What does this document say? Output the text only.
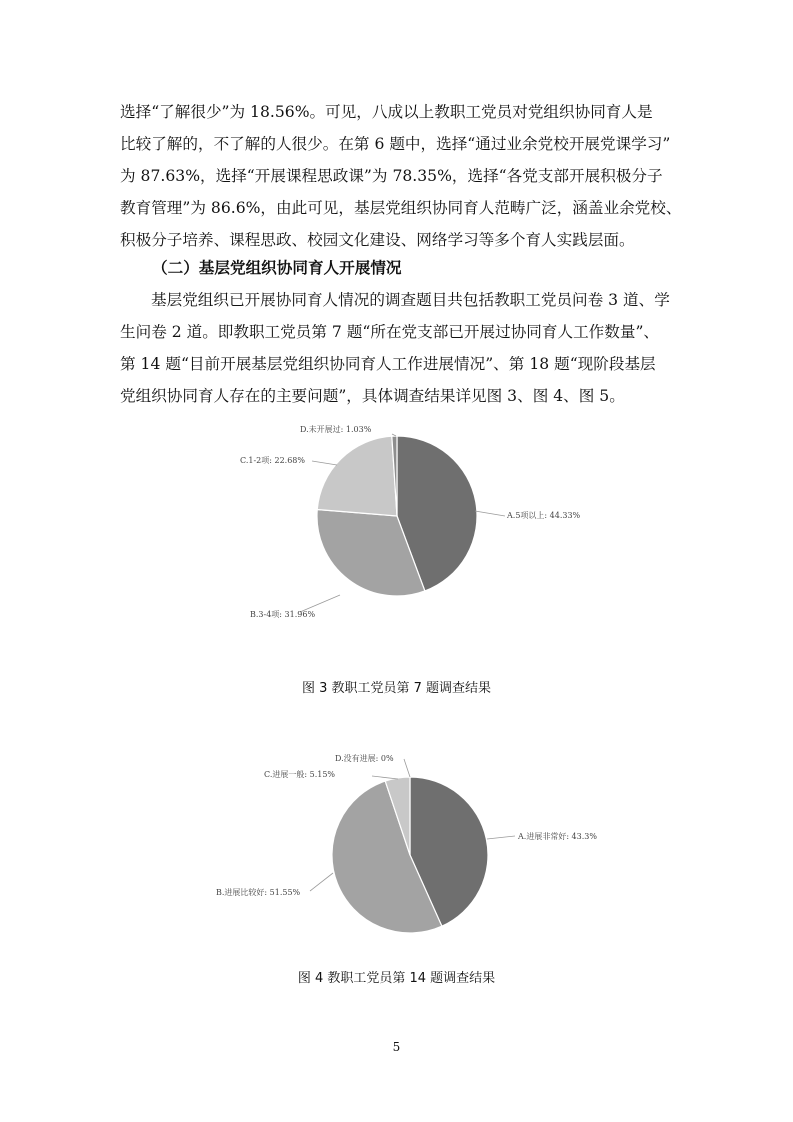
选择“了解很少”为 18.56%。可见，八成以上教职工党员对党组织协同育人是
比较了解的，不了解的人很少。在第 6 题中，选择“通过业余党校开展党课学习”
为 87.63%，选择“开展课程思政课”为 78.35%，选择“各党支部开展积极分子
教育管理”为 86.6%，由此可见，基层党组织协同育人范畴广泛，涵盖业余党校、
积极分子培养、课程思政、校园文化建设、网络学习等多个育人实践层面。
（二）基层党组织协同育人开展情况
基层党组织已开展协同育人情况的调查题目共包括教职工党员问卷 3 道、学
生问卷 2 道。即教职工党员第 7 题“所在党支部已开展过协同育人工作数量”、
第 14 题“目前开展基层党组织协同育人工作进展情况”、第 18 题“现阶段基层
党组织协同育人存在的主要问题”，具体调查结果详见图 3、图 4、图 5。
A.5项以上: 44.33%
B.3-4项: 31.96%
C.1-2项: 22.68%
D.未开展过: 1.03%
图 3 教职工党员第 7 题调查结果
A.进展非常好: 43.3%
B.进展比较好: 51.55%
C.进展一般: 5.15%
D.没有进展: 0%
图 4 教职工党员第 14 题调查结果
5
